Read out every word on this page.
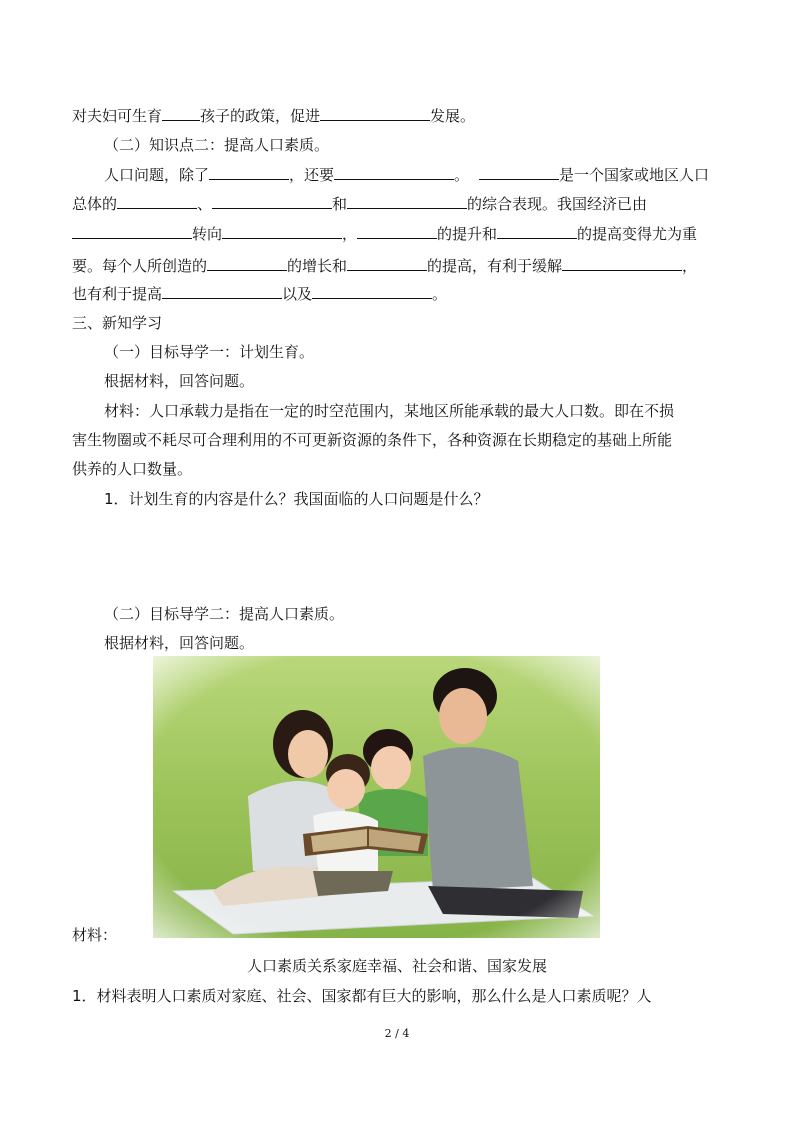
对夫妇可生育	孩子的政策，促进	发展。
（二）知识点二：提高人口素质。
人口问题，除了	，还要	。	是一个国家或地区人口
总体的	、	和	的综合表现。我国经济已由
转向	，	的提升和	的提高变得尤为重
要。每个人所创造的	的增长和	的提高，有利于缓解	，
也有利于提高	以及	。
三、新知学习
（一）目标导学一：计划生育。
根据材料，回答问题。
材料：人口承载力是指在一定的时空范围内，某地区所能承载的最大人口数。即在不损
害生物圈或不耗尽可合理利用的不可更新资源的条件下，各种资源在长期稳定的基础上所能
供养的人口数量。
1．计划生育的内容是什么？我国面临的人口问题是什么？
（二）目标导学二：提高人口素质。
根据材料，回答问题。
材料：
人口素质关系家庭幸福、社会和谐、国家发展
1．材料表明人口素质对家庭、社会、国家都有巨大的影响，那么什么是人口素质呢？人
2 / 4
